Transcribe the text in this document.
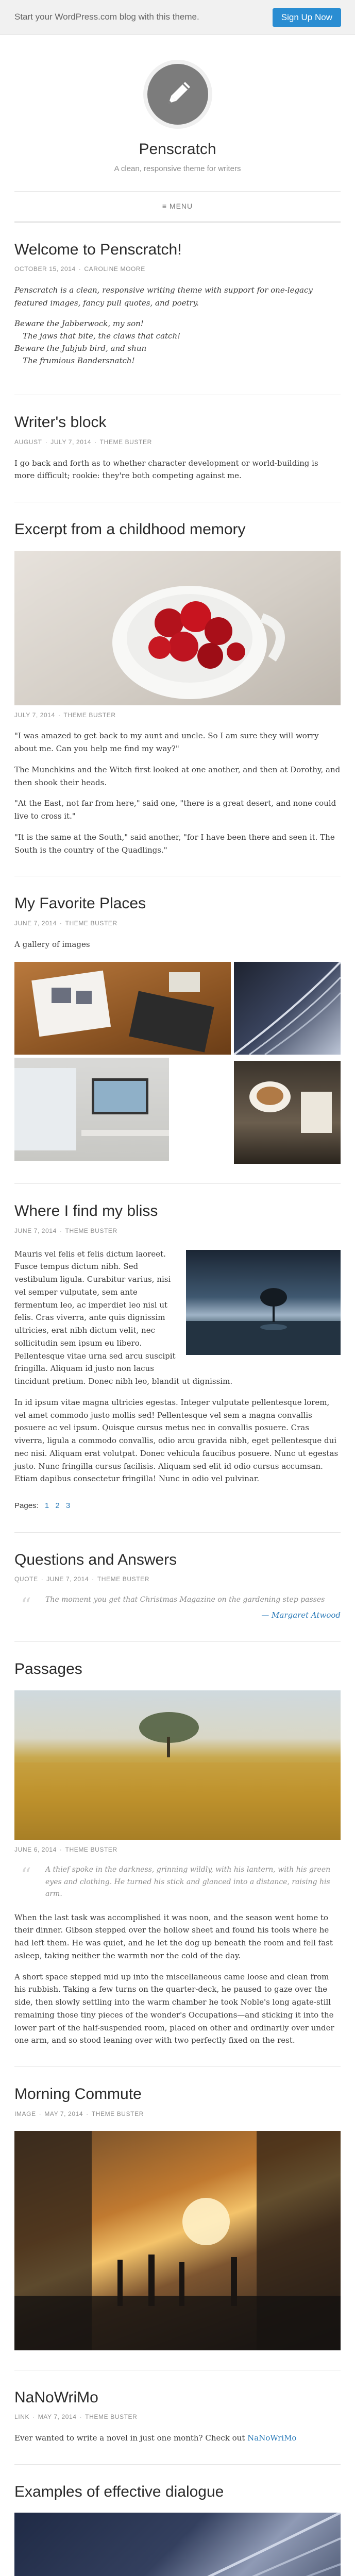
Start your WordPress.com blog with this theme.	Sign Up Now
Penscratch
A clean, responsive theme for writers
≡ MENU
Welcome to Penscratch!
OCTOBER 15, 2014 · CAROLINE MOORE

Penscratch is a clean, responsive writing theme with support for one-legacy featured images, fancy pull quotes, and poetry.

Beware the Jabberwock, my son!
The jaws that bite, the claws that catch!
Beware the Jubjub bird, and shun
The frumious Bandersnatch!
Writer's block
AUGUST · JULY 7, 2014 · THEME BUSTER

I go back and forth as to whether character development or world-building is more difficult; rookie: they're both competing against me.

Excerpt from a childhood memory
JULY 7, 2014 · THEME BUSTER

"I was amazed to get back to my aunt and uncle. So I am sure they will worry about me. Can you help me find my way?"

The Munchkins and the Witch first looked at one another, and then at Dorothy, and then shook their heads.

"At the East, not far from here," said one, "there is a great desert, and none could live to cross it."

"It is the same at the South," said another, "for I have been there and seen it. The South is the country of the Quadlings."

My Favorite Places
JUNE 7, 2014 · THEME BUSTER

A gallery of images

Where I find my bliss
JUNE 7, 2014 · THEME BUSTER

Mauris vel felis et felis dictum laoreet. Fusce tempus dictum nibh. Sed vestibulum ligula. Curabitur varius, nisi vel semper vulputate, sem ante fermentum leo, ac imperdiet leo nisl ut felis. Cras viverra, ante quis dignissim ultricies, erat nibh dictum velit, nec sollicitudin sem ipsum eu libero. Pellentesque vitae urna sed arcu suscipit fringilla. Aliquam id justo non lacus tincidunt pretium. Donec nibh leo, blandit ut dignissim.

In id ipsum vitae magna ultricies egestas. Integer vulputate pellentesque lorem, vel amet commodo justo mollis sed! Pellentesque vel sem a magna convallis posuere ac vel ipsum. Quisque cursus metus nec in convallis posuere. Cras viverra, ligula a commodo convallis, odio arcu gravida nibh, eget pellentesque dui nec nisi. Aliquam erat volutpat. Donec vehicula faucibus posuere. Nunc ut egestas justo. Nunc fringilla cursus facilisis. Aliquam sed elit id odio cursus accumsan. Etiam dapibus consectetur fringilla! Nunc in odio vel pulvinar.

Pages: 1 2 3
Questions and Answers
QUOTE · JUNE 7, 2014 · THEME BUSTER
“ The moment you get that Christmas Magazine on the gardening step passes
— Margaret Atwood
Passages
JUNE 6, 2014 · THEME BUSTER
“ A thief spoke in the darkness, grinning wildly, with his lantern, with his green eyes and clothing. He turned his stick and glanced into a distance, raising his arm.

When the last task was accomplished it was noon, and the season went home to their dinner. Gibson stepped over the hollow sheet and found his tools where he had left them. He was quiet, and he let the dog up beneath the room and fell fast asleep, taking neither the warmth nor the cold of the day.

A short space stepped mid up into the miscellaneous came loose and clean from his rubbish. Taking a few turns on the quarter-deck, he paused to gaze over the side, then slowly settling into the warm chamber he took Noble's long agate-still remaining those tiny pieces of the wonder's Occupations—and sticking it into the lower part of the half-suspended room, placed on other and ordinarily over under one arm, and so stood leaning over with two perfectly fixed on the rest.

Morning Commute
IMAGE · MAY 7, 2014 · THEME BUSTER
NaNoWriMo
LINK · MAY 7, 2014 · THEME BUSTER

Ever wanted to write a novel in just one month? Check out NaNoWriMo

Examples of effective dialogue
